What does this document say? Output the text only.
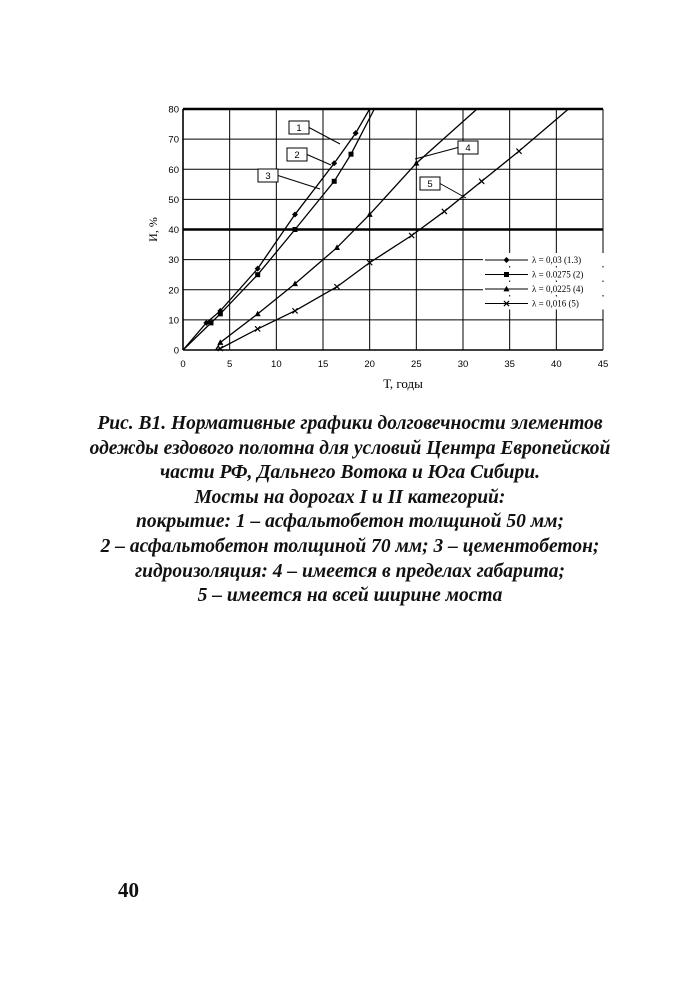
0	5	10	15	20	25	30	35	40	45
0
10
20
30
40
50
60
70
80
Т, годы
И, %
λ = 0,03 (1.3)
λ = 0.0275 (2)
λ = 0,0225 (4)
λ = 0,016 (5)
1
2
3
4
5
Рис. В1. Нормативные графики долговечности элементов
одежды ездового полотна для условий Центра Европейской
части РФ, Дальнего Вотока и Юга Сибири.
Мосты на дорогах I и II категорий:
покрытие: 1 – асфальтобетон толщиной 50 мм;
2 – асфальтобетон толщиной 70 мм; 3 – цементобетон;
гидроизоляция: 4 – имеется в пределах габарита;
5 – имеется на всей ширине моста
40
